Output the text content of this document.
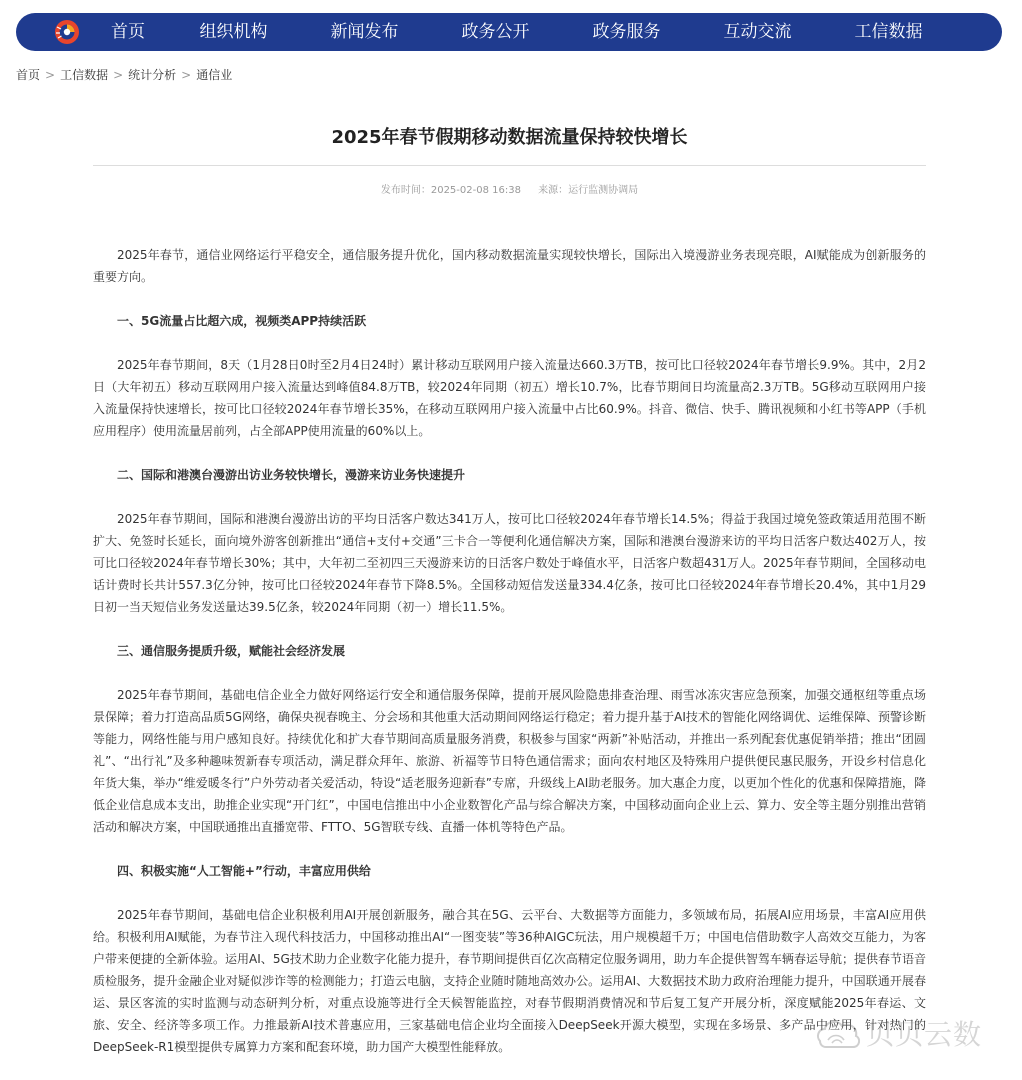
首页	组织机构	新闻发布	政务公开	政务服务	互动交流	工信数据
首页 > 工信数据 > 统计分析 > 通信业
2025年春节假期移动数据流量保持较快增长
发布时间：2025-02-08 16:38 来源：运行监测协调局

2025年春节，通信业网络运行平稳安全，通信服务提升优化，国内移动数据流量实现较快增长，国际出入境漫游业务表现亮眼，AI赋能成为创新服务的重要方向。

一、5G流量占比超六成，视频类APP持续活跃

2025年春节期间，8天（1月28日0时至2月4日24时）累计移动互联网用户接入流量达660.3万TB，按可比口径较2024年春节增长9.9%。其中，2月2日（大年初五）移动互联网用户接入流量达到峰值84.8万TB，较2024年同期（初五）增长10.7%，比春节期间日均流量高2.3万TB。5G移动互联网用户接入流量保持快速增长，按可比口径较2024年春节增长35%，在移动互联网用户接入流量中占比60.9%。抖音、微信、快手、腾讯视频和小红书等APP（手机应用程序）使用流量居前列，占全部APP使用流量的60%以上。

二、国际和港澳台漫游出访业务较快增长，漫游来访业务快速提升

2025年春节期间，国际和港澳台漫游出访的平均日活客户数达341万人，按可比口径较2024年春节增长14.5%；得益于我国过境免签政策适用范围不断扩大、免签时长延长，面向境外游客创新推出“通信+支付+交通”三卡合一等便利化通信解决方案，国际和港澳台漫游来访的平均日活客户数达402万人，按可比口径较2024年春节增长30%；其中，大年初二至初四三天漫游来访的日活客户数处于峰值水平，日活客户数超431万人。2025年春节期间，全国移动电话计费时长共计557.3亿分钟，按可比口径较2024年春节下降8.5%。全国移动短信发送量334.4亿条，按可比口径较2024年春节增长20.4%，其中1月29日初一当天短信业务发送量达39.5亿条，较2024年同期（初一）增长11.5%。

三、通信服务提质升级，赋能社会经济发展

2025年春节期间，基础电信企业全力做好网络运行安全和通信服务保障，提前开展风险隐患排查治理、雨雪冰冻灾害应急预案，加强交通枢纽等重点场景保障；着力打造高品质5G网络，确保央视春晚主、分会场和其他重大活动期间网络运行稳定；着力提升基于AI技术的智能化网络调优、运维保障、预警诊断等能力，网络性能与用户感知良好。持续优化和扩大春节期间高质量服务消费，积极参与国家“两新”补贴活动，并推出一系列配套优惠促销举措；推出“团圆礼”、“出行礼”及多种趣味贺新春专项活动，满足群众拜年、旅游、祈福等节日特色通信需求；面向农村地区及特殊用户提供便民惠民服务，开设乡村信息化年货大集，举办“维爱暖冬行”户外劳动者关爱活动，特设“适老服务迎新春”专席，升级线上AI助老服务。加大惠企力度，以更加个性化的优惠和保障措施，降低企业信息成本支出，助推企业实现“开门红”，中国电信推出中小企业数智化产品与综合解决方案，中国移动面向企业上云、算力、安全等主题分别推出营销活动和解决方案，中国联通推出直播宽带、FTTO、5G智联专线、直播一体机等特色产品。

四、积极实施“人工智能+”行动，丰富应用供给

2025年春节期间，基础电信企业积极利用AI开展创新服务，融合其在5G、云平台、大数据等方面能力，多领域布局，拓展AI应用场景，丰富AI应用供给。积极利用AI赋能，为春节注入现代科技活力，中国移动推出AI“一图变装”等36种AIGC玩法，用户规模超千万；中国电信借助数字人高效交互能力，为客户带来便捷的全新体验。运用AI、5G技术助力企业数字化能力提升，春节期间提供百亿次高精定位服务调用，助力车企提供智驾车辆春运导航；提供春节语音质检服务，提升金融企业对疑似涉诈等的检测能力；打造云电脑，支持企业随时随地高效办公。运用AI、大数据技术助力政府治理能力提升，中国联通开展春运、景区客流的实时监测与动态研判分析，对重点设施等进行全天候智能监控，对春节假期消费情况和节后复工复产开展分析，深度赋能2025年春运、文旅、安全、经济等多项工作。力推最新AI技术普惠应用，三家基础电信企业均全面接入DeepSeek开源大模型，实现在多场景、多产品中应用，针对热门的DeepSeek-R1模型提供专属算力方案和配套环境，助力国产大模型性能释放。	贝贝云数
